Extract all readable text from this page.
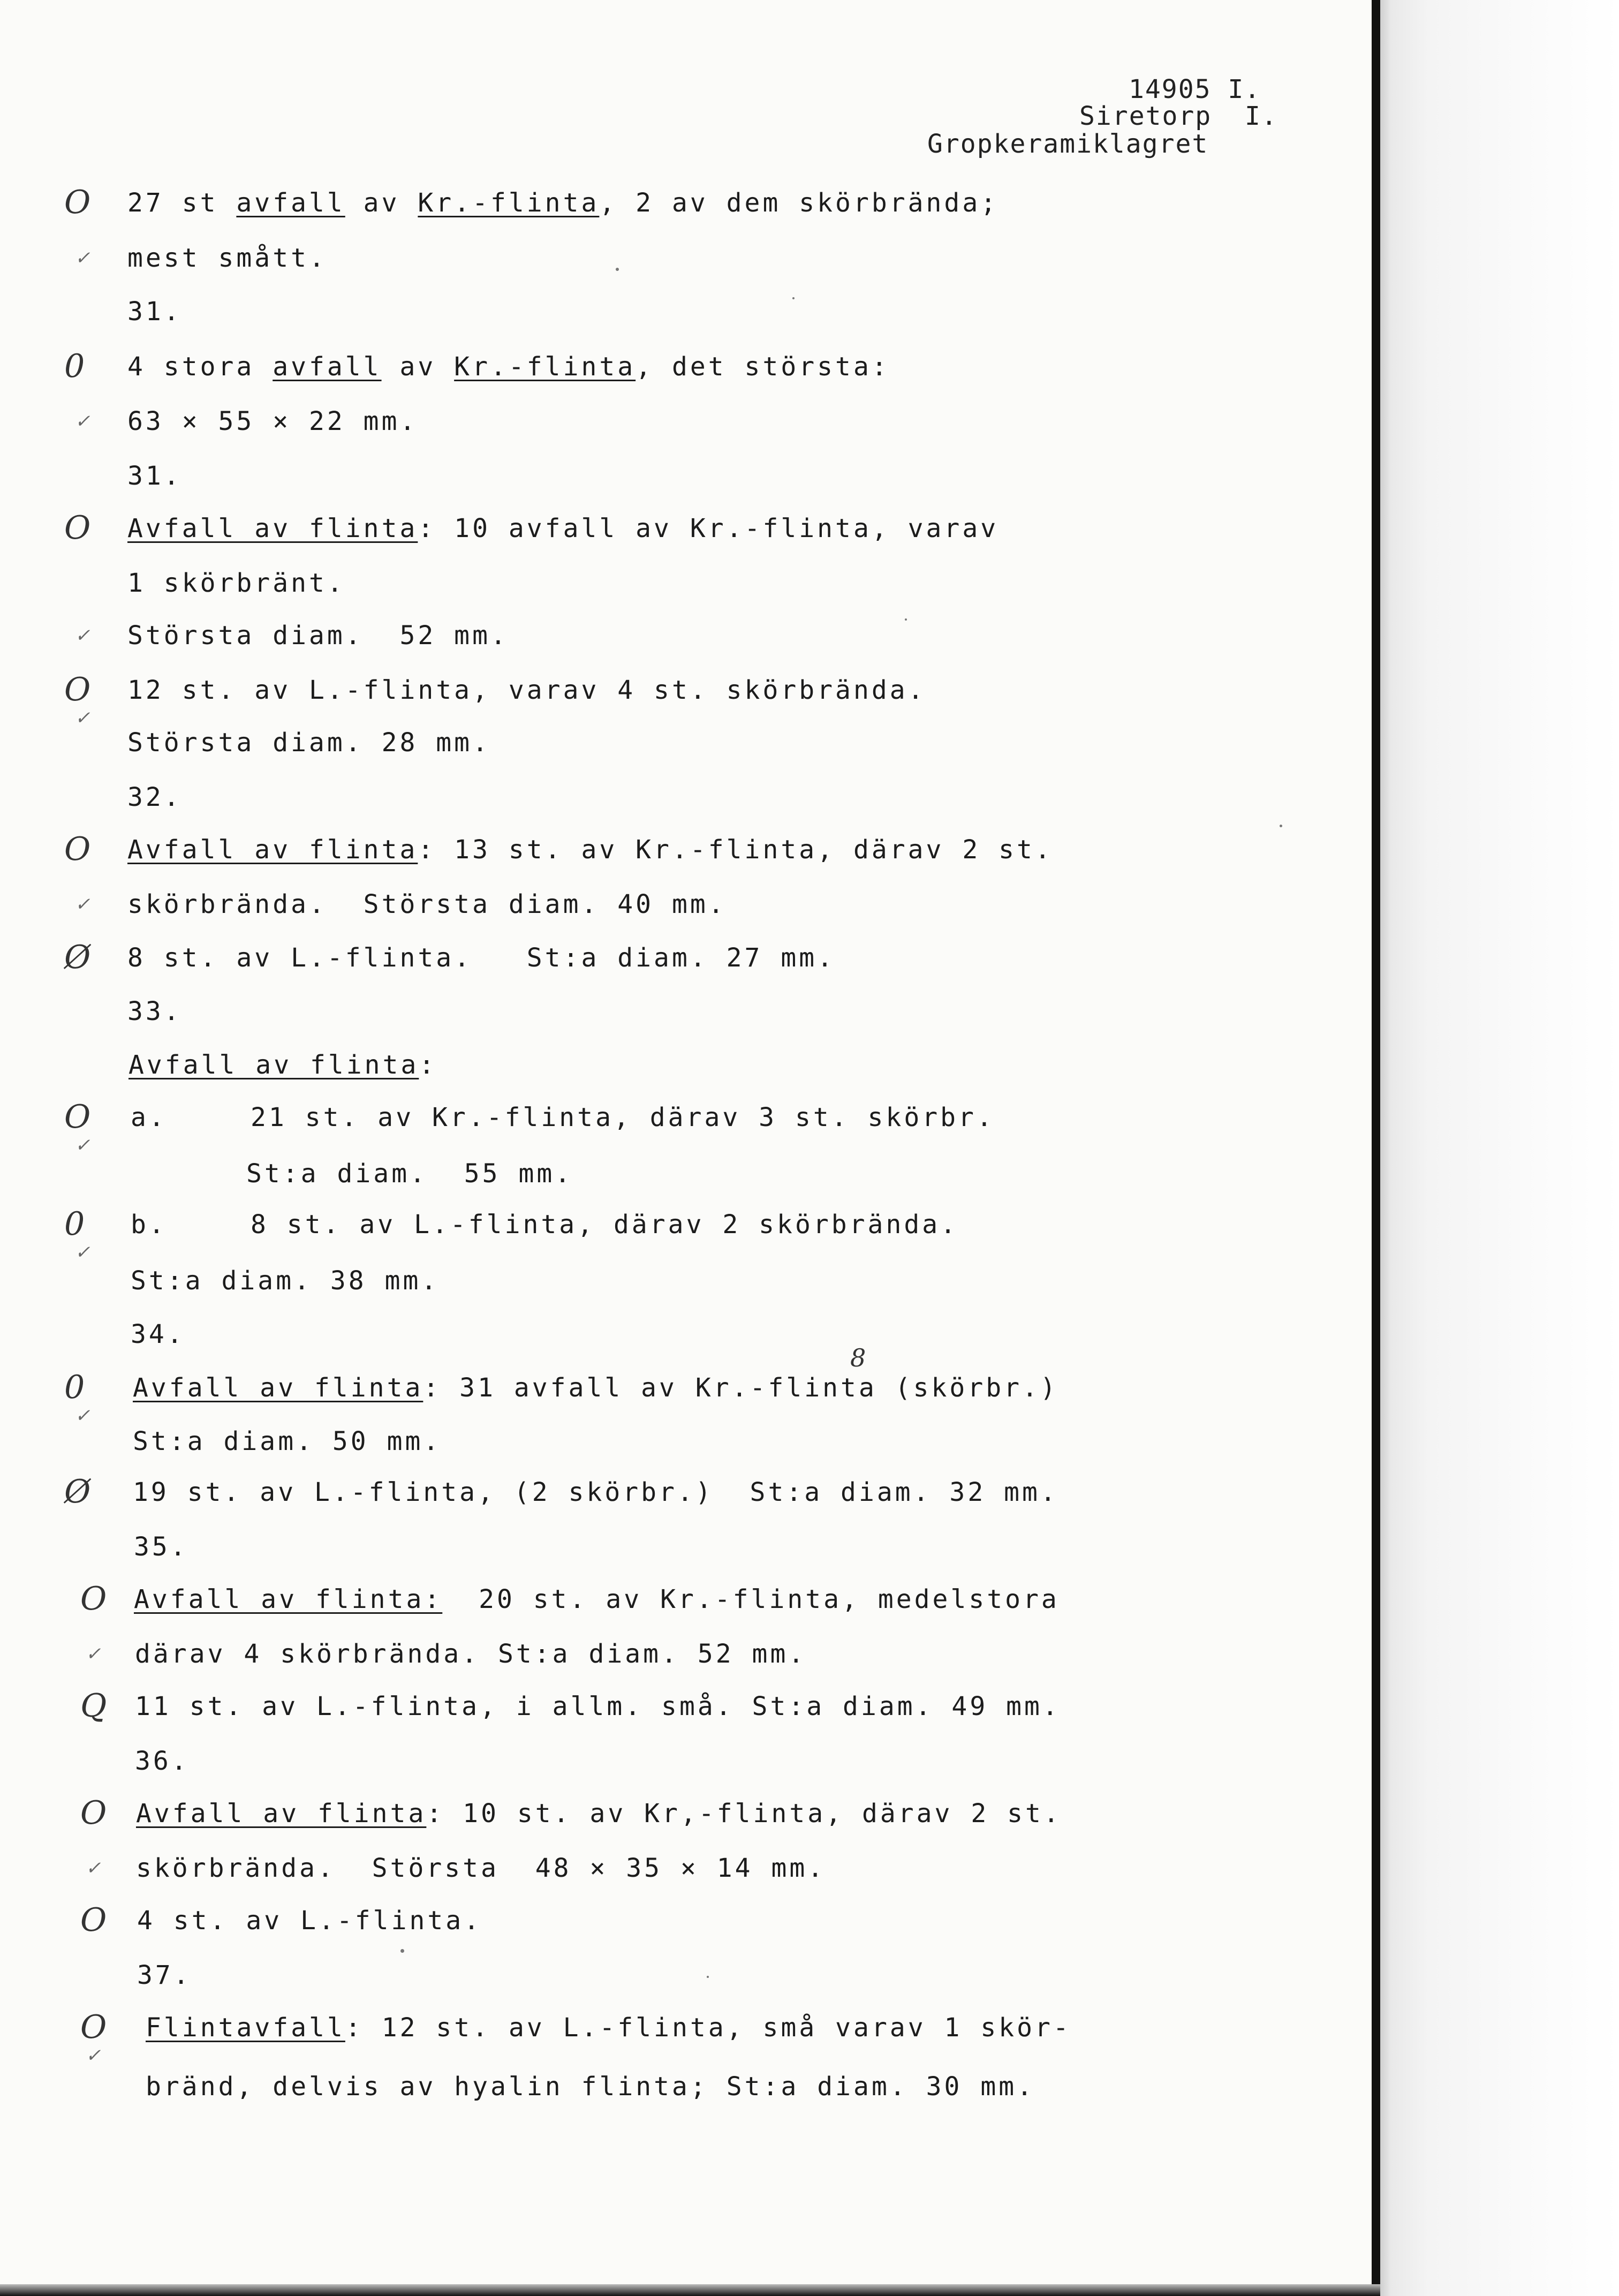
14905 I.
Siretorp  I.
Gropkeramiklagret
27 st avfall av Kr.-flinta, 2 av dem skörbrända;
O
mest smått.
✓
31.
4 stora avfall av Kr.-flinta, det största:
0
63 × 55 × 22 mm.
✓
31.
Avfall av flinta: 10 avfall av Kr.-flinta, varav
O
1 skörbränt.
Största diam.  52 mm.
✓
12 st. av L.-flinta, varav 4 st. skörbrända.
O
✓
Största diam. 28 mm.
32.
Avfall av flinta: 13 st. av Kr.-flinta, därav 2 st.
O
skörbrända.  Största diam. 40 mm.
✓
8 st. av L.-flinta.   St:a diam. 27 mm.
Ø
33.
Avfall av flinta:
a.	21 st. av Kr.-flinta, därav 3 st. skörbr.
O
✓
St:a diam.  55 mm.
b.	8 st. av L.-flinta, därav 2 skörbrända.
0
✓
St:a diam. 38 mm.
34.
Avfall av flinta: 31 avfall av Kr.-flinta (skörbr.)
0
✓
8
St:a diam. 50 mm.
19 st. av L.-flinta, (2 skörbr.)  St:a diam. 32 mm.
Ø
35.
Avfall av flinta:  20 st. av Kr.-flinta, medelstora
O
därav 4 skörbrända. St:a diam. 52 mm.
✓
11 st. av L.-flinta, i allm. små. St:a diam. 49 mm.
Q
36.
Avfall av flinta: 10 st. av Kr,-flinta, därav 2 st.
O
skörbrända.  Största  48 × 35 × 14 mm.
✓
4 st. av L.-flinta.
O
37.
Flintavfall: 12 st. av L.-flinta, små varav 1 skör-
O
✓
bränd, delvis av hyalin flinta; St:a diam. 30 mm.
